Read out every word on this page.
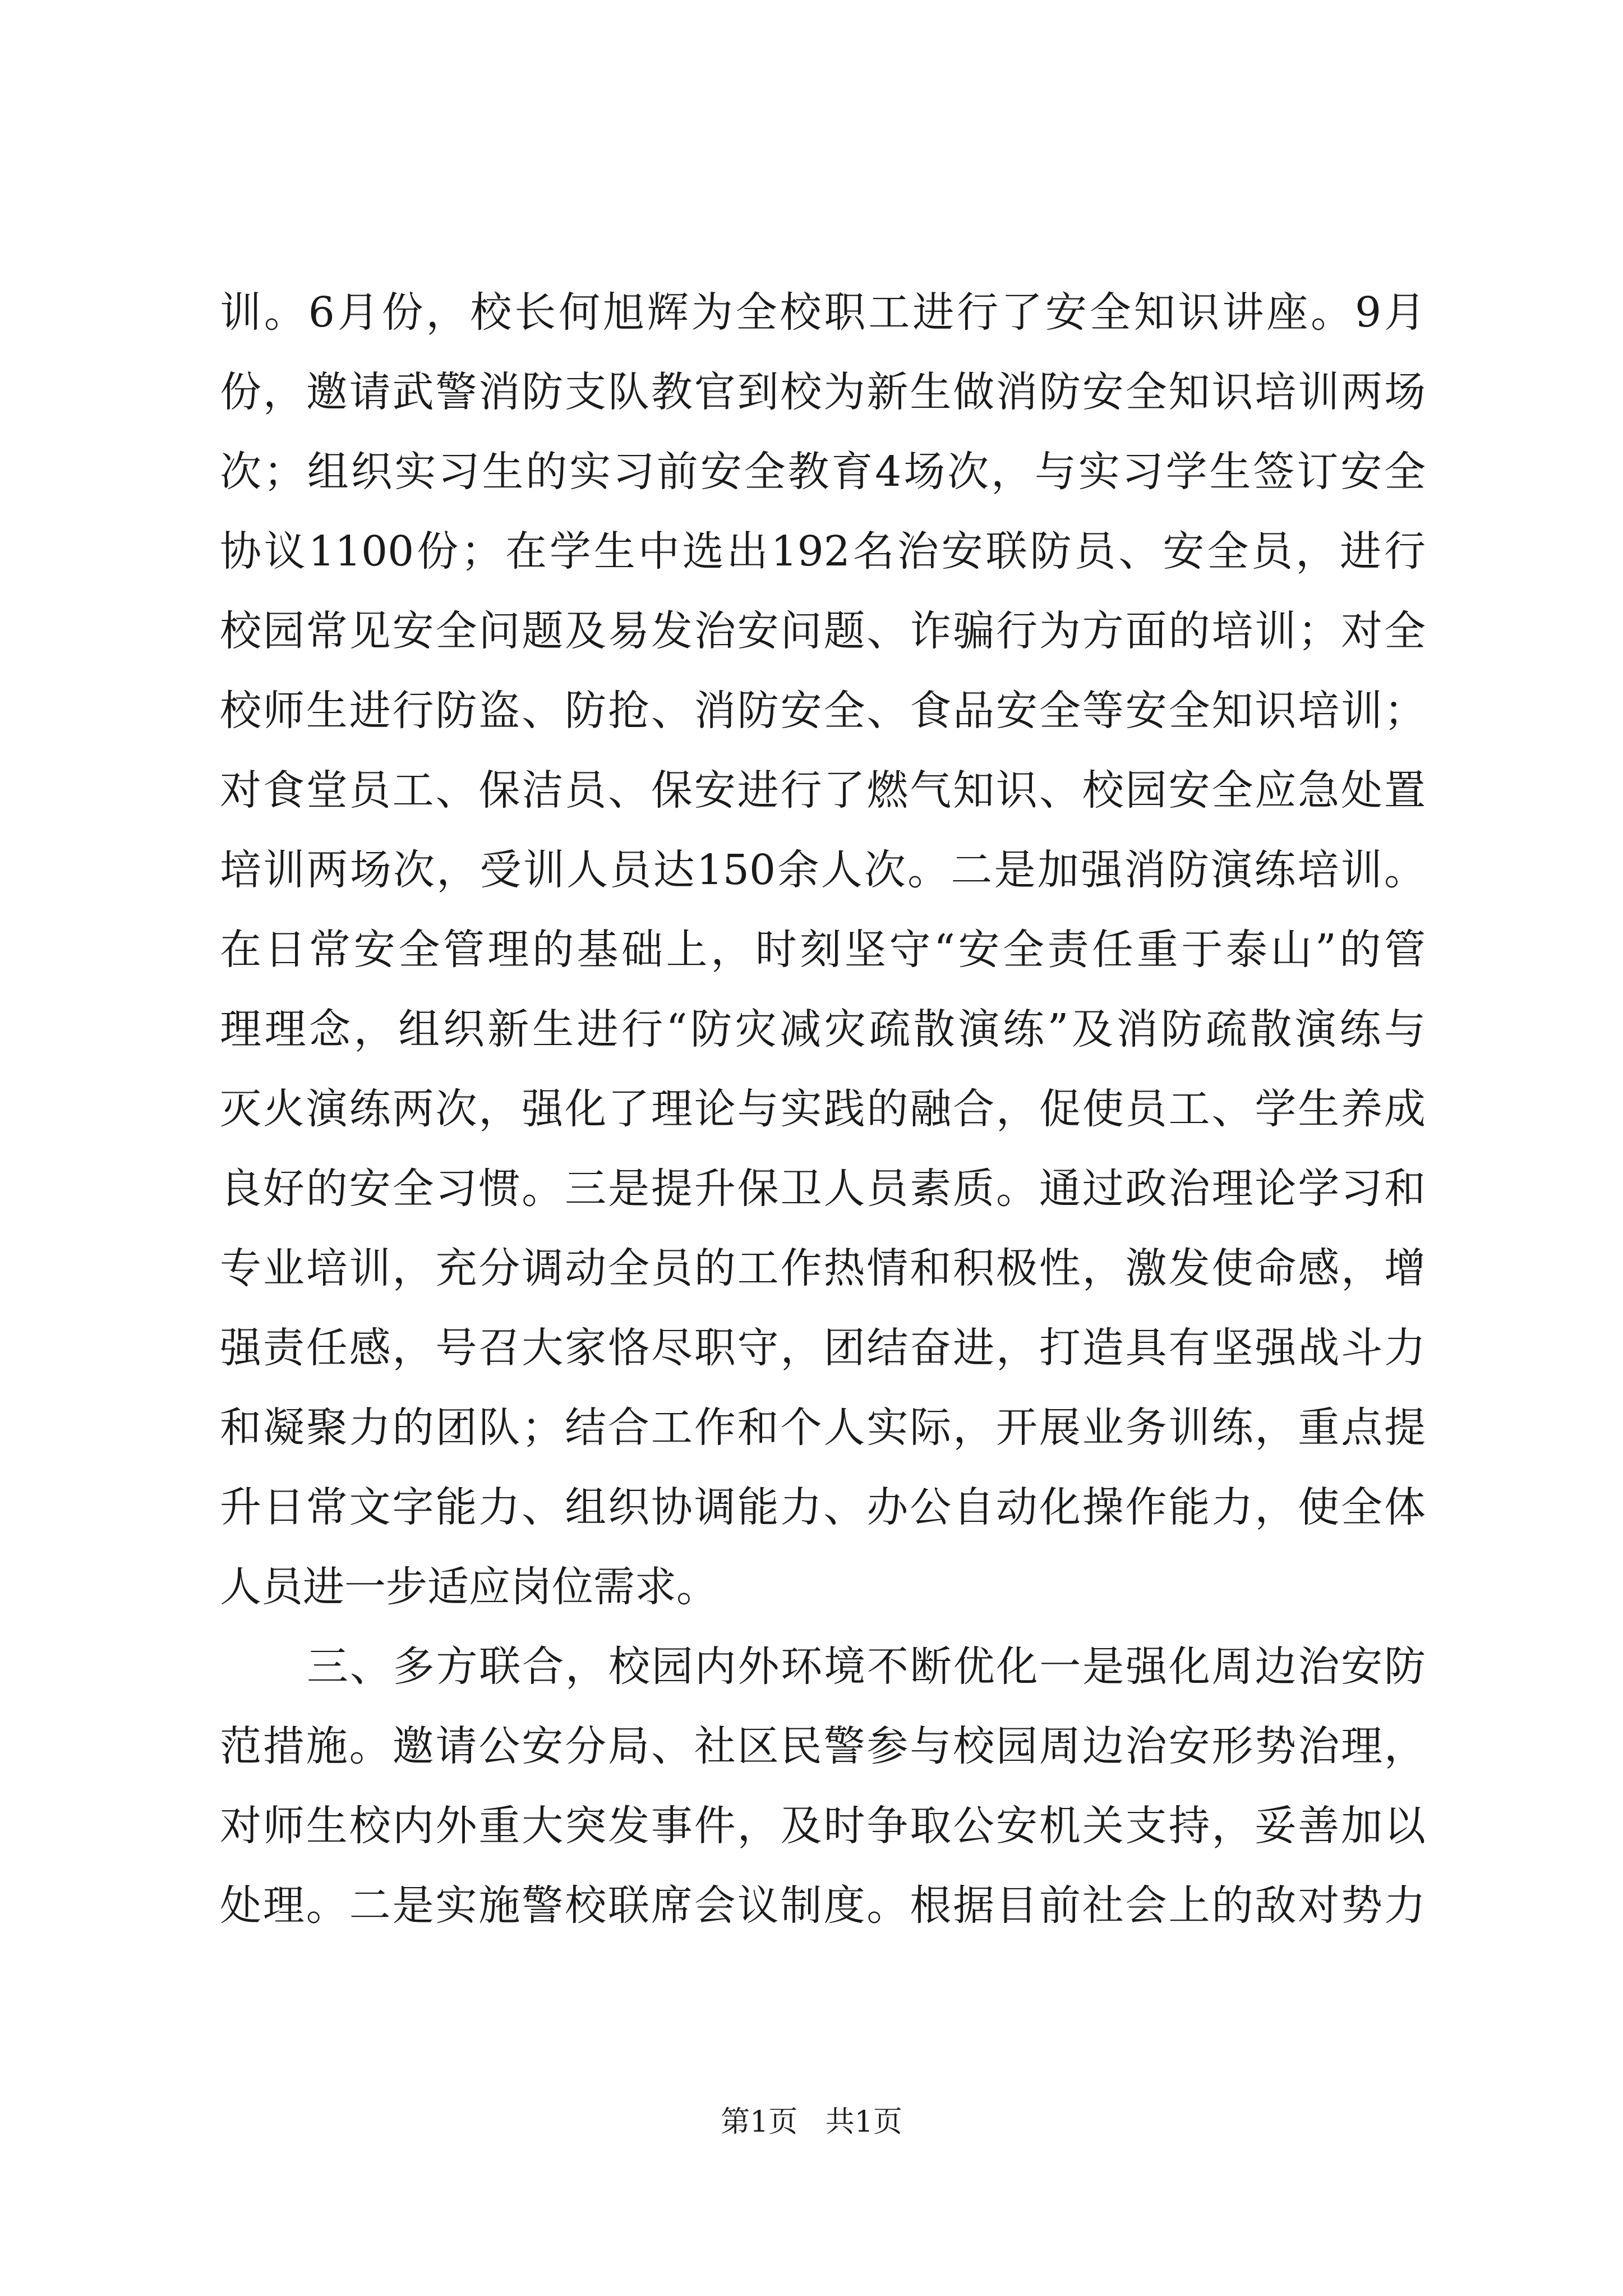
训。6月份，校长何旭辉为全校职工进行了安全知识讲座。9月
份，邀请武警消防支队教官到校为新生做消防安全知识培训两场
次；组织实习生的实习前安全教育4场次，与实习学生签订安全
协议1100份；在学生中选出192名治安联防员、安全员，进行
校园常见安全问题及易发治安问题、诈骗行为方面的培训；对全
校师生进行防盗、防抢、消防安全、食品安全等安全知识培训；
对食堂员工、保洁员、保安进行了燃气知识、校园安全应急处置
培训两场次，受训人员达150余人次。二是加强消防演练培训。
在日常安全管理的基础上，时刻坚守“安全责任重于泰山”的管
理理念，组织新生进行“防灾减灾疏散演练”及消防疏散演练与
灭火演练两次，强化了理论与实践的融合，促使员工、学生养成
良好的安全习惯。三是提升保卫人员素质。通过政治理论学习和
专业培训，充分调动全员的工作热情和积极性，激发使命感，增
强责任感，号召大家恪尽职守，团结奋进，打造具有坚强战斗力
和凝聚力的团队；结合工作和个人实际，开展业务训练，重点提
升日常文字能力、组织协调能力、办公自动化操作能力，使全体
人员进一步适应岗位需求。
三、多方联合，校园内外环境不断优化一是强化周边治安防
范措施。邀请公安分局、社区民警参与校园周边治安形势治理，
对师生校内外重大突发事件，及时争取公安机关支持，妥善加以
处理。二是实施警校联席会议制度。根据目前社会上的敌对势力
第1页 共1页
